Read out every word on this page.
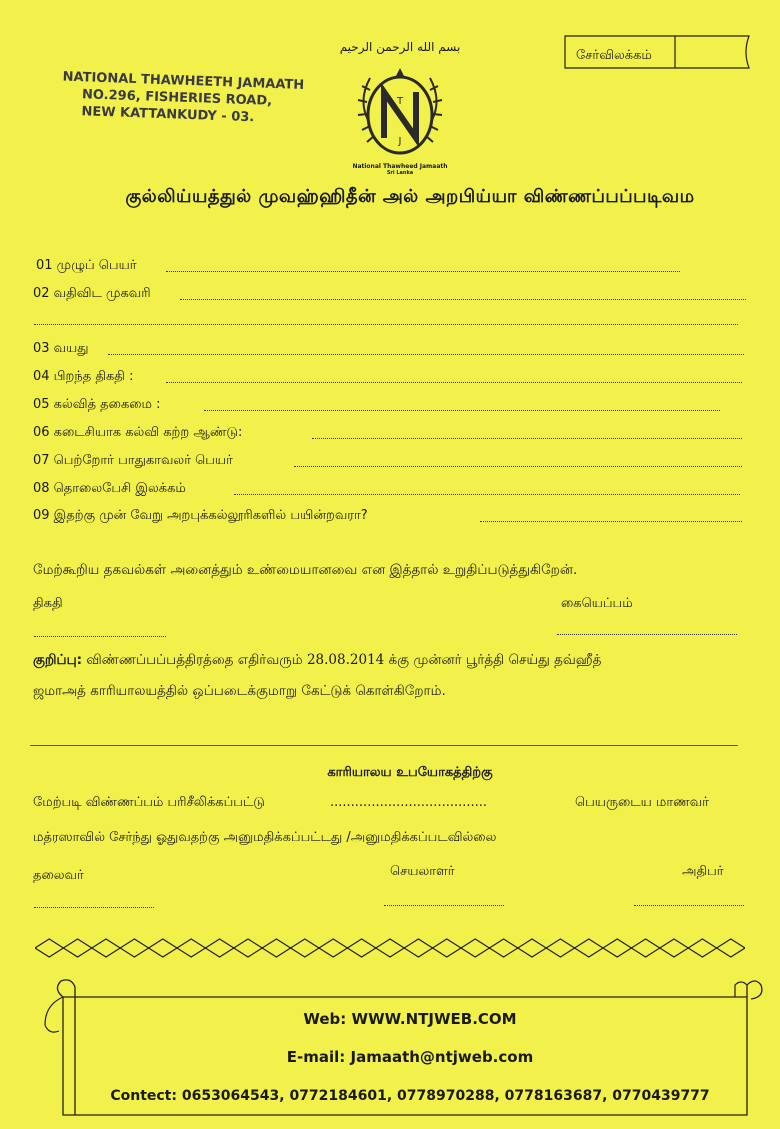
NATIONAL THAWHEETH JAMAATH
NO.296, FISHERIES ROAD,
NEW KATTANKUDY - 03.
بسم الله الرحمن الرحيم
T
J
National Thawheed Jamaath
Sri Lanka
சேர்விலக்கம்
குல்லிய்யத்துல் முவஹ்ஹிதீன் அல் அறபிய்யா விண்ணப்பப்படிவம
01 முழுப் பெயர்
02 வதிவிட முகவரி
03 வயது
04 பிறந்த திகதி :
05 கல்வித் தகைமை :
06 கடைசியாக கல்வி கற்ற ஆண்டு:
07 பெற்றோர் பாதுகாவலர் பெயர்
08 தொலைபேசி இலக்கம்
09 இதற்கு முன் வேறு அறபுக்கல்லூரிகளில் பயின்றவரா?
மேற்கூறிய தகவல்கள் அனைத்தும் உண்மையானவை என இத்தால் உறுதிப்படுத்துகிறேன்.
திகதி	கையெப்பம்
குறிப்பு: விண்ணப்பப்பத்திரத்தை எதிர்வரும் 28.08.2014 க்கு முன்னர் பூர்த்தி செய்து தவ்ஹீத்
ஜமாஅத் காரியாலயத்தில் ஒப்படைக்குமாறு கேட்டுக் கொள்கிறோம்.
காரியாலய உபயோகத்திற்கு
மேற்படி விண்ணப்பம் பரிசீலிக்கப்பட்டு	......................................	பெயருடைய மாணவர்
மத்ரஸாவில் சேர்ந்து ஓதுவதற்கு அனுமதிக்கப்பட்டது /அனுமதிக்கப்படவில்லை
தலைவர்	செயலாளர்	அதிபர்
Web: WWW.NTJWEB.COM
E-mail: Jamaath@ntjweb.com
Contect: 0653064543, 0772184601, 0778970288, 0778163687, 0770439777
